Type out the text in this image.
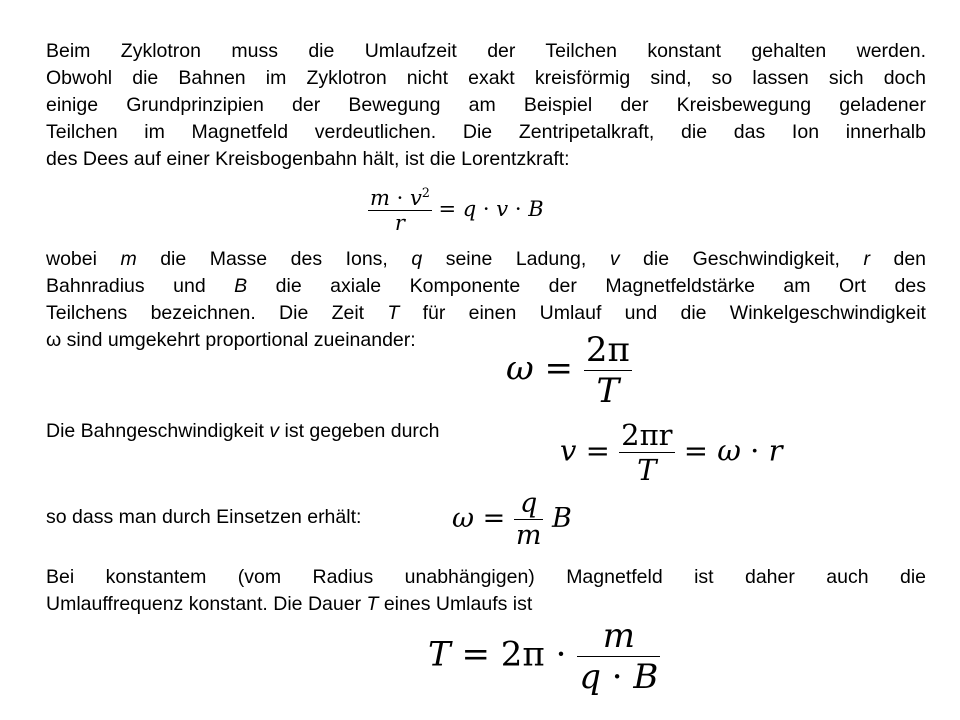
Beim Zyklotron muss die Umlaufzeit der Teilchen konstant gehalten werden.
Obwohl die Bahnen im Zyklotron nicht exakt kreisförmig sind, so lassen sich doch
einige Grundprinzipien der Bewegung am Beispiel der Kreisbewegung geladener
Teilchen im Magnetfeld verdeutlichen. Die Zentripetalkraft, die das Ion innerhalb
des Dees auf einer Kreisbogenbahn hält, ist die Lorentzkraft:
$\frac{m \cdot v^2}{r} = q \cdot v \cdot B$
wobei m die Masse des Ions, q seine Ladung, v die Geschwindigkeit, r den
Bahnradius und B die axiale Komponente der Magnetfeldstärke am Ort des
Teilchens bezeichnen. Die Zeit T für einen Umlauf und die Winkelgeschwindigkeit
ω sind umgekehrt proportional zueinander:
$\omega = \frac{2\pi}{T}$
Die Bahngeschwindigkeit v ist gegeben durch
$v = \frac{2\pi r}{T} = \omega \cdot r$
so dass man durch Einsetzen erhält:	$\omega = \frac{q}{m}$ B
Bei konstantem (vom Radius unabhängigen) Magnetfeld ist daher auch die
Umlauffrequenz konstant. Die Dauer T eines Umlaufs ist
$T = 2\pi \cdot \frac{m}{q \cdot B}$
